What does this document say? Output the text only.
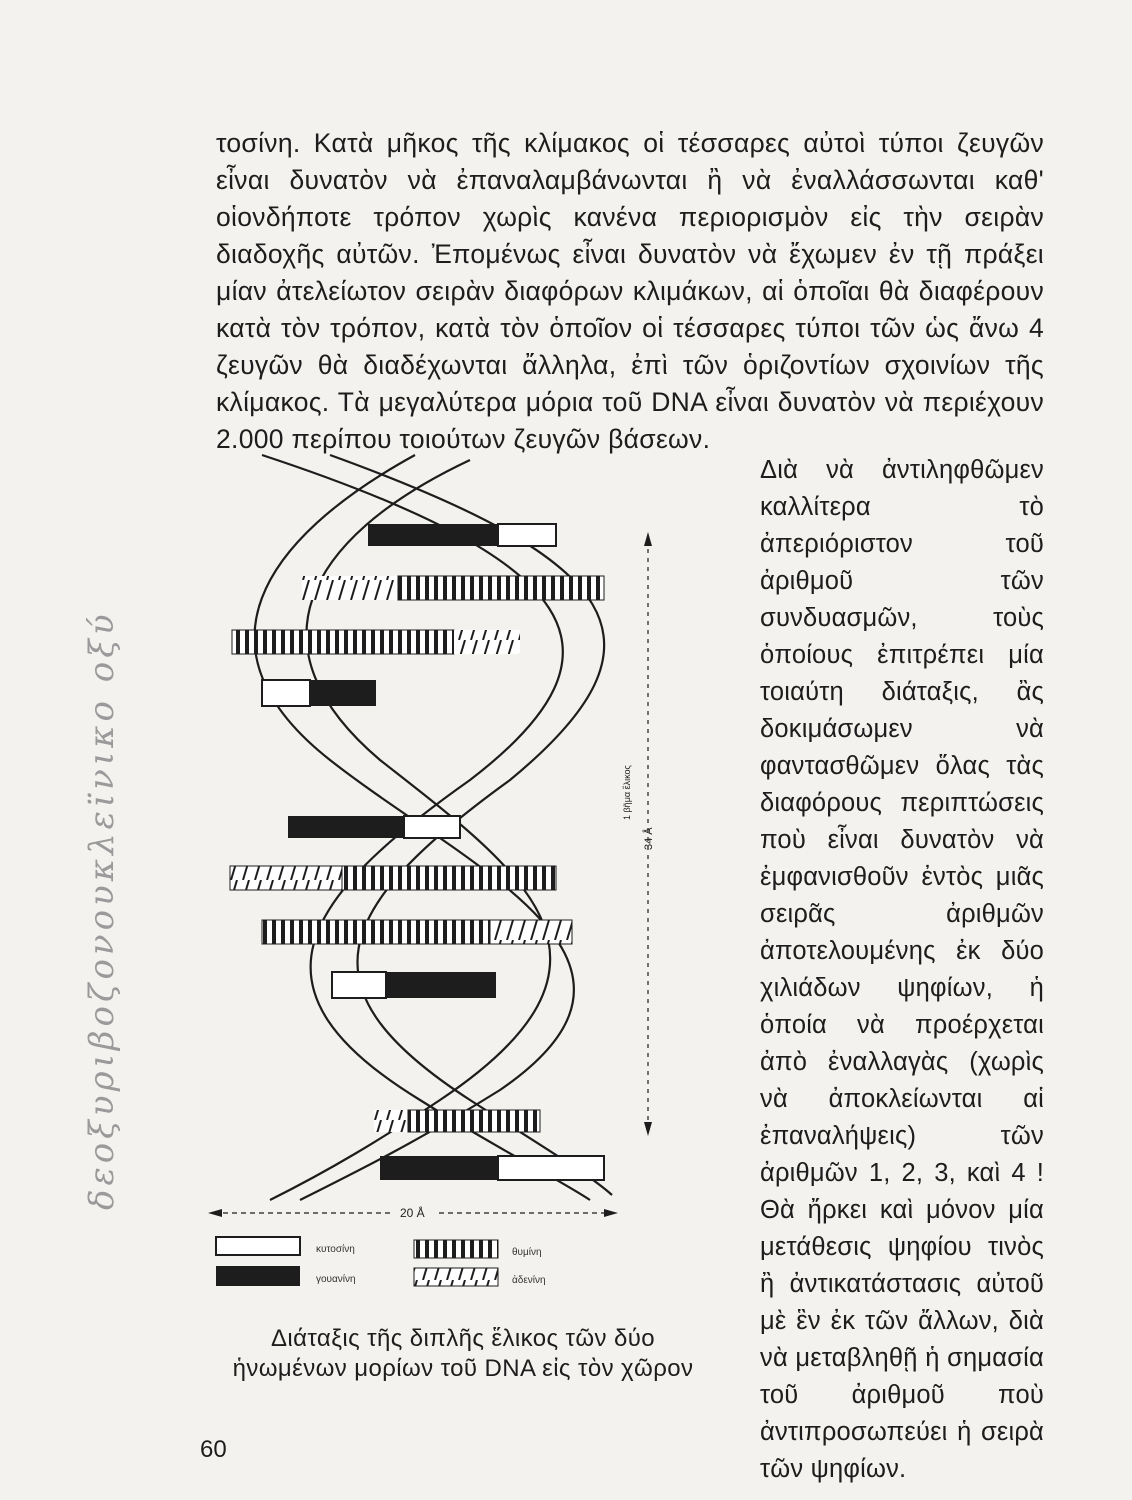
τοσίνη. Κατὰ μῆκος τῆς κλίμακος οἱ τέσσαρες αὐτοὶ τύποι ζευγῶν εἶναι δυνατὸν νὰ ἐπαναλαμβάνωνται ἢ νὰ ἐναλλάσσωνται καθ' οἱονδήποτε τρόπον χωρὶς κανένα περιορισμὸν εἰς τὴν σειρὰν διαδοχῆς αὐτῶν. Ἐπομένως εἶναι δυνατὸν νὰ ἔχωμεν ἐν τῇ πράξει μίαν ἀτελείωτον σειρὰν διαφόρων κλιμάκων, αἱ ὁποῖαι θὰ διαφέρουν κατὰ τὸν τρόπον, κατὰ τὸν ὁποῖον οἱ τέσσαρες τύποι τῶν ὡς ἄνω 4 ζευγῶν θὰ διαδέχωνται ἄλληλα, ἐπὶ τῶν ὁριζοντίων σχοινίων τῆς κλίμακος. Τὰ μεγαλύτερα μόρια τοῦ DNA εἶναι δυνατὸν νὰ περιέχουν 2.000 περίπου τοιούτων ζευγῶν βάσεων.

Διὰ νὰ ἀντιληφθῶμεν καλλίτερα τὸ ἀπεριόριστον τοῦ ἀριθμοῦ τῶν συνδυασμῶν, τοὺς ὁποίους ἐπιτρέπει μία τοιαύτη διάταξις, ἂς δοκιμάσωμεν νὰ φαντασθῶμεν ὅλας τὰς διαφόρους περιπτώσεις ποὺ εἶναι δυνατὸν νὰ ἐμφανισθοῦν ἐντὸς μιᾶς σειρᾶς ἀριθμῶν ἀποτελουμένης ἐκ δύο χιλιάδων ψηφίων, ἡ ὁποία νὰ προέρχεται ἀπὸ ἐναλλαγὰς (χωρὶς νὰ ἀποκλείωνται αἱ ἐπαναλήψεις) τῶν ἀριθμῶν 1, 2, 3, καὶ 4 ! Θὰ ἤρκει καὶ μόνον μία μετάθεσις ψηφίου τινὸς ἢ ἀντικατάστασις αὐτοῦ μὲ ἓν ἐκ τῶν ἄλλων, διὰ νὰ μεταβληθῇ ἡ σημασία τοῦ ἀριθμοῦ ποὺ ἀντιπροσωπεύει ἡ σειρὰ τῶν ψηφίων.

34 Å
1 βῆμα ἕλικος
20 Å
κυτοσίνη
γουανίνη
θυμίνη
ἀδενίνη
Διάταξις τῆς διπλῆς ἕλικος τῶν δύο
ἡνωμένων μορίων τοῦ DNA εἰς τὸν χῶρον
δεοξυριβοζονουκλεϊνικο οξύ
60
